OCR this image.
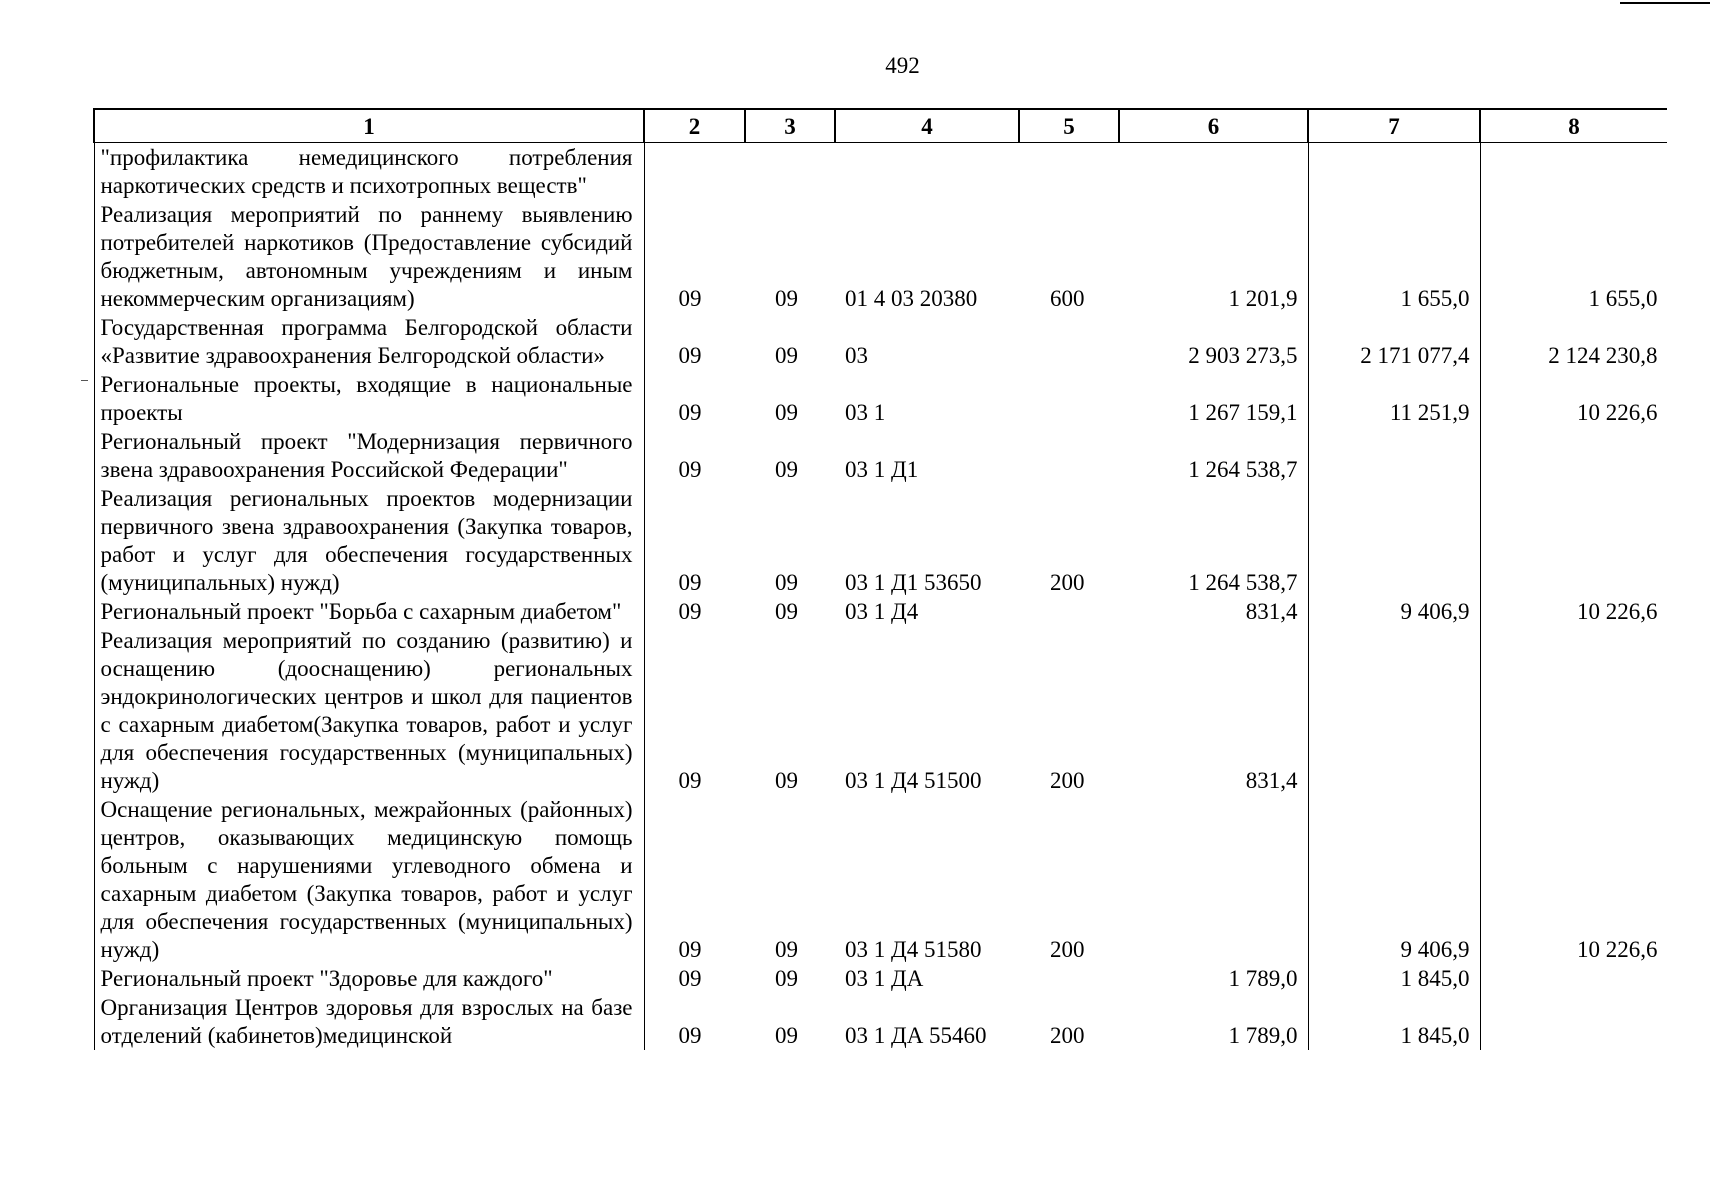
492
1	2	3	4	5	6	7	8
"профилактика немедицинского потребления наркотических средств и психотропных веществ"							
Реализация мероприятий по раннему выявлению потребителей наркотиков (Предоставление субсидий бюджетным, автономным учреждениям и иным некоммерческим организациям)	09	09	01 4 03 20380	600	1 201,9	1 655,0	1 655,0
Государственная программа Белгородской области «Развитие здравоохранения Белгородской области»	09	09	03		2 903 273,5	2 171 077,4	2 124 230,8
Региональные проекты, входящие в национальные проекты	09	09	03 1		1 267 159,1	11 251,9	10 226,6
Региональный проект "Модернизация первичного звена здравоохранения Российской Федерации"	09	09	03 1 Д1		1 264 538,7		
Реализация региональных проектов модернизации первичного звена здравоохранения (Закупка товаров, работ и услуг для обеспечения государственных (муниципальных) нужд)	09	09	03 1 Д1 53650	200	1 264 538,7		
Региональный проект "Борьба с сахарным диабетом"	09	09	03 1 Д4		831,4	9 406,9	10 226,6
Реализация мероприятий по созданию (развитию) и оснащению (дооснащению) региональных эндокринологических центров и школ для пациентов с сахарным диабетом(Закупка товаров, работ и услуг для обеспечения государственных (муниципальных) нужд)	09	09	03 1 Д4 51500	200	831,4		
Оснащение региональных, межрайонных (районных) центров, оказывающих медицинскую помощь больным с нарушениями углеводного обмена и сахарным диабетом (Закупка товаров, работ и услуг для обеспечения государственных (муниципальных) нужд)	09	09	03 1 Д4 51580	200		9 406,9	10 226,6
Региональный проект "Здоровье для каждого"	09	09	03 1 ДА		1 789,0	1 845,0	
Организация Центров здоровья для взрослых на базе отделений (кабинетов)медицинской	09	09	03 1 ДА 55460	200	1 789,0	1 845,0	
